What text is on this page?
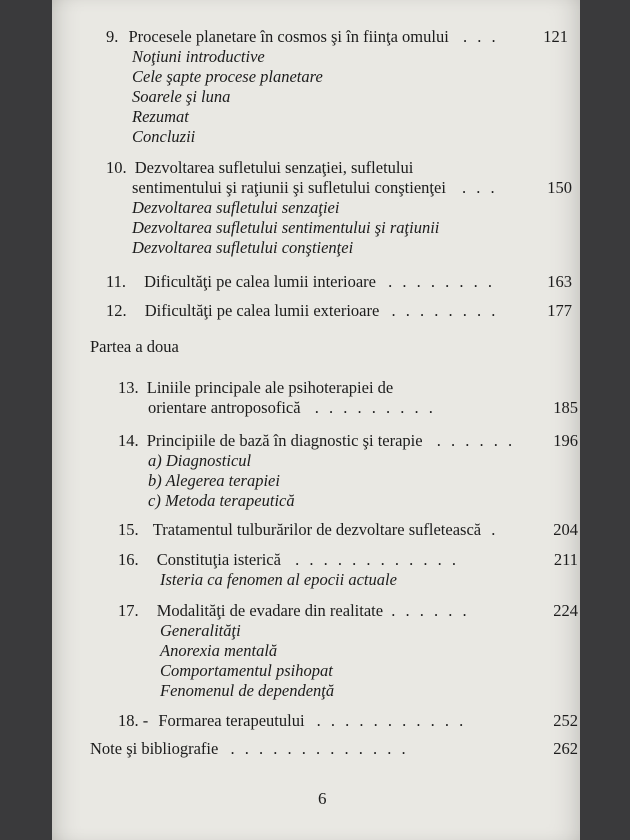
9. Procesele planetare în cosmos şi în fiinţa omului . . .	121
Noţiuni introductive
Cele şapte procese planetare
Soarele şi luna
Rezumat
Concluzii
10. Dezvoltarea sufletului senzaţiei, sufletului
sentimentului şi raţiunii şi sufletului conştienţei . . .	150
Dezvoltarea sufletului senzaţiei
Dezvoltarea sufletului sentimentului şi raţiunii
Dezvoltarea sufletului conştienţei
11. Dificultăţi pe calea lumii interioare . . . . . . . .	163
12. Dificultăţi pe calea lumii exterioare . . . . . . . .	177
Partea a doua
13. Liniile principale ale psihoterapiei de
orientare antroposofică . . . . . . . . .	185
14. Principiile de bază în diagnostic şi terapie . . . . . . 196
a) Diagnosticul
b) Alegerea terapiei
c) Metoda terapeutică
15. Tratamentul tulburărilor de dezvoltare sufletească .	204
16. Constituţia isterică . . . . . . . . . . . .	211
Isteria ca fenomen al epocii actuale
17. Modalităţi de evadare din realitate . . . . . .	224
Generalităţi
Anorexia mentală
Comportamentul psihopat
Fenomenul de dependenţă
18. - Formarea terapeutului . . . . . . . . . . .	252
Note şi bibliografie . . . . . . . . . . . . .	262
6
